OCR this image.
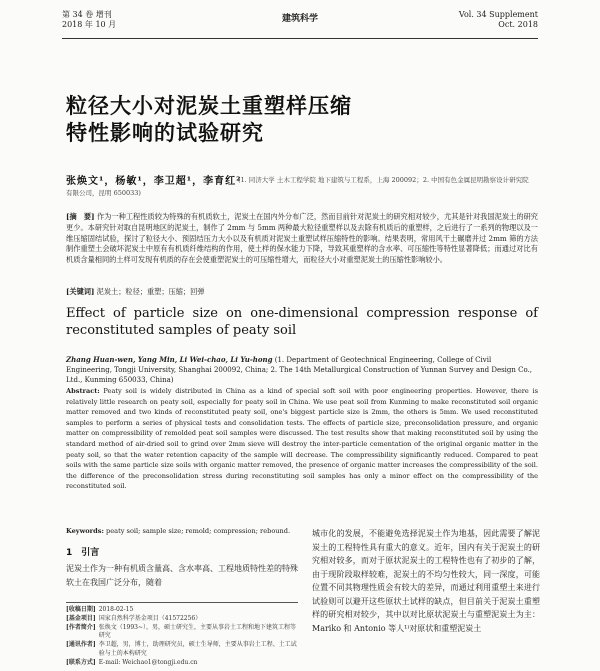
第 34 卷 增刊
2018 年 10 月
建筑科学	Vol. 34 Supplement
Oct. 2018
粒径大小对泥炭土重塑样压缩
特性影响的试验研究
张焕文¹，杨敏¹，李卫超¹，李育红²
(1. 同济大学 土木工程学院 地下建筑与工程系，上海 200092；2. 中国有色金属昆明勘察设计研究院
有限公司，昆明 650033)
[摘　要] 作为一种工程性质较为特殊的有机质软土，泥炭土在国内外分布广泛，然而目前针对泥炭土的研究相对较少，尤其是针对我国泥炭土的研究更少。本研究针对取自昆明地区的泥炭土，制作了 2mm 与 5mm 两种最大粒径重塑样以及去除有机质后的重塑样，之后进行了一系列的物理以及一维压缩固结试验，探讨了粒径大小、预固结压力大小以及有机质对泥炭土重塑试样压缩特性的影响。结果表明，常用风干土碾磨并过 2mm 筛的方法制作重塑土会破坏泥炭土中原有有机质纤维结构的作用，使土样的保水能力下降，导致其重塑样的含水率、可压缩性等特性显著降低；而通过对比有机质含量相同的土样可发现有机质的存在会使重塑泥炭土的可压缩性增大，而粒径大小对重塑泥炭土的压缩性影响较小。
[关键词] 泥炭土；粒径；重塑；压缩；回弹
Effect of particle size on one-dimensional compression response of reconstituted samples of peaty soil
Zhang Huan-wen, Yang Min, Li Wei-chao, Li Yu-hong (1. Department of Geotechnical Engineering, College of Civil Engineering, Tongji University, Shanghai 200092, China; 2. The 14th Metallurgical Construction of Yunnan Survey and Design Co., Ltd., Kunming 650033, China)
Abstract: Peaty soil is widely distributed in China as a kind of special soft soil with poor engineering properties. However, there is relatively little research on peaty soil, especially for peaty soil in China. We use peat soil from Kunming to make reconstituted soil organic matter removed and two kinds of reconstituted peaty soil, one's biggest particle size is 2mm, the others is 5mm. We used reconstituted samples to perform a series of physical tests and consolidation tests. The effects of particle size, preconsolidation pressure, and organic matter on compressibility of remolded peat soil samples were discussed. The test results show that making reconstituted soil by using the standard method of air-dried soil to grind over 2mm sieve will destroy the inter-particle cementation of the original organic matter in the peaty soil, so that the water retention capacity of the sample will decrease. The compressibility significantly reduced. Compared to peat soils with the same particle size soils with organic matter removed, the presence of organic matter increases the compressibility of the soil. the difference of the preconsolidation stress during reconstituting soil samples has only a minor effect on the compressibility of the reconstituted soil.
Keywords: peaty soil; sample size; remold; compression; rebound.
1　引言
泥炭土作为一种有机质含量高、含水率高、工程地质特性差的特殊软土在我国广泛分布，随着
城市化的发展，不能避免选择泥炭土作为地基，因此需要了解泥炭土的工程特性具有重大的意义。近年，国内有关于泥炭土的研究相对较多，而对于原状泥炭土的工程特性也有了初步的了解，由于现阶段取样较难，泥炭土的不均匀性较大，同一深度，可能位置不同其物理性质会有较大的差异，而通过利用重塑土来进行试验则可以避开这些原状土试样的缺点，但目前关于泥炭土重塑样的研究相对较少，其中以对比原状泥炭土与重塑泥炭土为主：Mariko 和 Antonio 等人¹⁾对原状和重塑泥炭土
[收稿日期] 2018-02-15
[基金项目] 国家自然科学基金项目（41572256）
[作者简介] 张焕文（1993~），男，硕士研究生，主要从事岩土工程和地下建筑工程等研究
[通讯作者] 李卫超，男，博士，助理研究员，硕士生导师，主要从事岩土工程、土工试验与土的本构研究
[联系方式] E-mail: Weichao1@tongji.edu.cn
